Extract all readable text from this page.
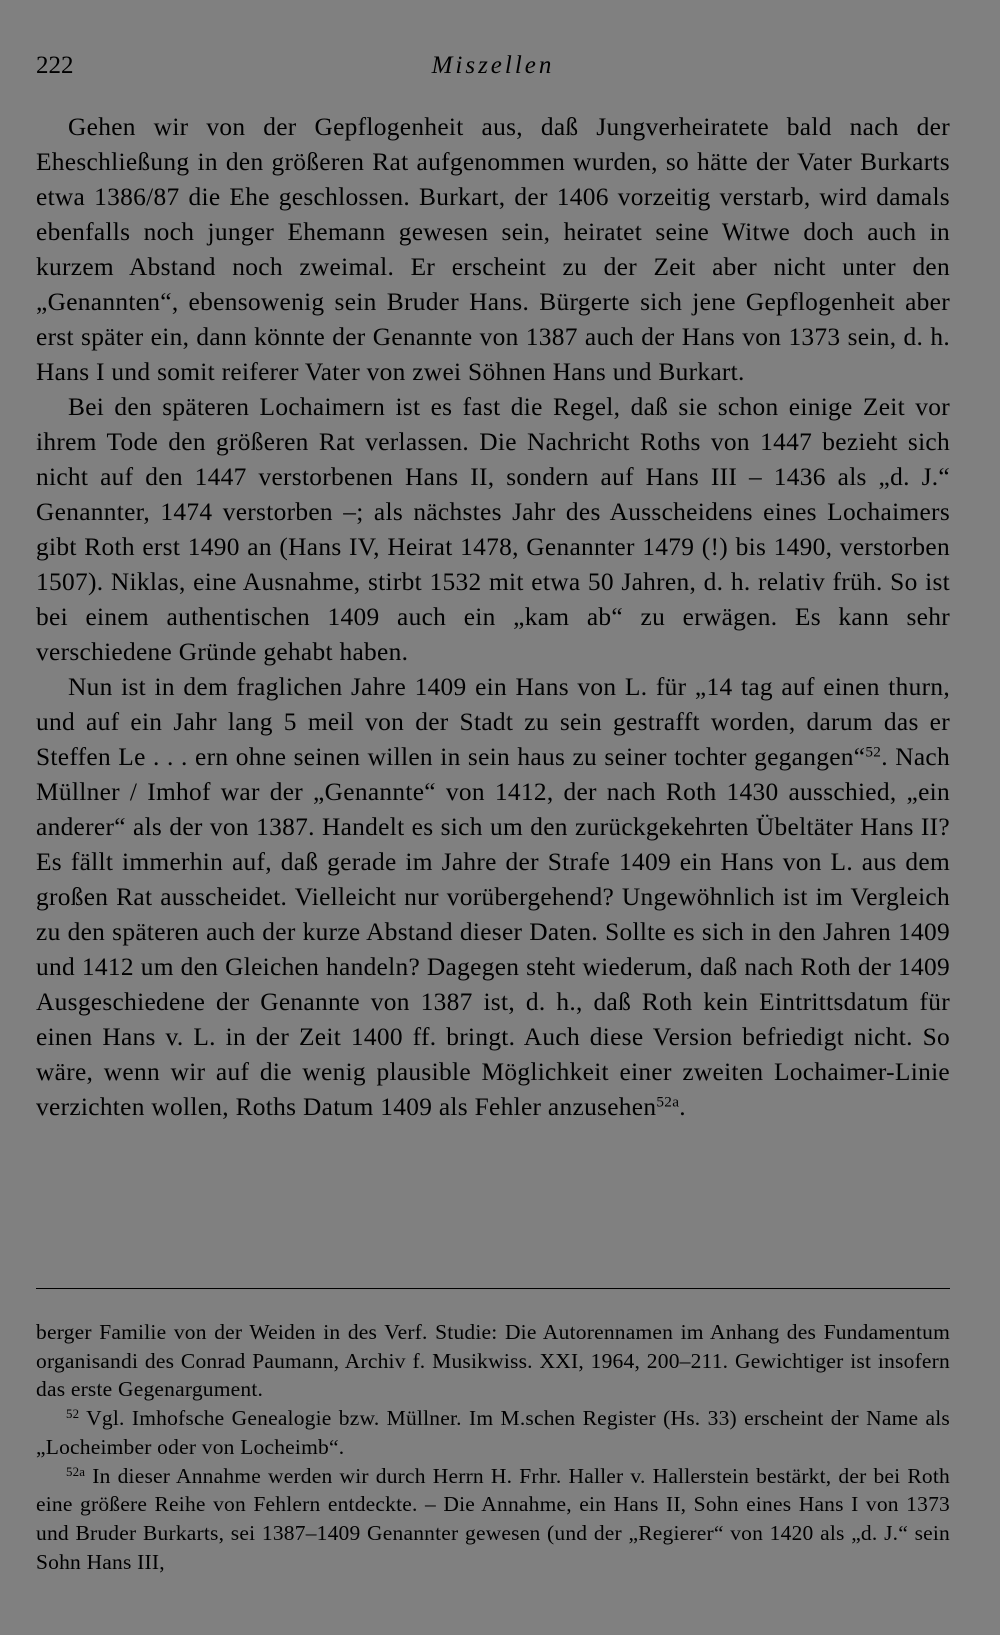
222	Miszellen

Gehen wir von der Gepflogenheit aus, daß Jungverheiratete bald nach der Eheschließung in den größeren Rat aufgenommen wurden, so hätte der Vater Burkarts etwa 1386/87 die Ehe geschlossen. Burkart, der 1406 vorzeitig verstarb, wird damals ebenfalls noch junger Ehemann gewesen sein, heiratet seine Witwe doch auch in kurzem Abstand noch zweimal. Er erscheint zu der Zeit aber nicht unter den „Genannten“, ebensowenig sein Bruder Hans. Bürgerte sich jene Gepflogenheit aber erst später ein, dann könnte der Genannte von 1387 auch der Hans von 1373 sein, d. h. Hans I und somit reiferer Vater von zwei Söhnen Hans und Burkart.

Bei den späteren Lochaimern ist es fast die Regel, daß sie schon einige Zeit vor ihrem Tode den größeren Rat verlassen. Die Nachricht Roths von 1447 bezieht sich nicht auf den 1447 verstorbenen Hans II, sondern auf Hans III – 1436 als „d. J.“ Genannter, 1474 verstorben –; als nächstes Jahr des Ausscheidens eines Lochaimers gibt Roth erst 1490 an (Hans IV, Heirat 1478, Genannter 1479 (!) bis 1490, verstorben 1507). Niklas, eine Ausnahme, stirbt 1532 mit etwa 50 Jahren, d. h. relativ früh. So ist bei einem authentischen 1409 auch ein „kam ab“ zu erwägen. Es kann sehr verschiedene Gründe gehabt haben.

Nun ist in dem fraglichen Jahre 1409 ein Hans von L. für „14 tag auf einen thurn, und auf ein Jahr lang 5 meil von der Stadt zu sein gestrafft worden, darum das er Steffen Le . . . ern ohne seinen willen in sein haus zu seiner tochter gegangen“$^{52}$. Nach Müllner / Imhof war der „Genannte“ von 1412, der nach Roth 1430 ausschied, „ein anderer“ als der von 1387. Handelt es sich um den zurückgekehrten Übeltäter Hans II? Es fällt immerhin auf, daß gerade im Jahre der Strafe 1409 ein Hans von L. aus dem großen Rat ausscheidet. Vielleicht nur vorübergehend? Ungewöhnlich ist im Vergleich zu den späteren auch der kurze Abstand dieser Daten. Sollte es sich in den Jahren 1409 und 1412 um den Gleichen handeln? Dagegen steht wiederum, daß nach Roth der 1409 Ausgeschiedene der Genannte von 1387 ist, d. h., daß Roth kein Eintrittsdatum für einen Hans v. L. in der Zeit 1400 ff. bringt. Auch diese Version befriedigt nicht. So wäre, wenn wir auf die wenig plausible Möglichkeit einer zweiten Lochaimer-Linie verzichten wollen, Roths Datum 1409 als Fehler anzusehen$^{52a}$.

berger Familie von der Weiden in des Verf. Studie: Die Autorennamen im Anhang des Fundamentum organisandi des Conrad Paumann, Archiv f. Musikwiss. XXI, 1964, 200–211. Gewichtiger ist insofern das erste Gegenargument.

$^{52}$ Vgl. Imhofsche Genealogie bzw. Müllner. Im M.schen Register (Hs. 33) erscheint der Name als „Locheimber oder von Locheimb“.

$^{52a}$ In dieser Annahme werden wir durch Herrn H. Frhr. Haller v. Hallerstein bestärkt, der bei Roth eine größere Reihe von Fehlern entdeckte. – Die Annahme, ein Hans II, Sohn eines Hans I von 1373 und Bruder Burkarts, sei 1387–1409 Genannter gewesen (und der „Regierer“ von 1420 als „d. J.“ sein Sohn Hans III,
